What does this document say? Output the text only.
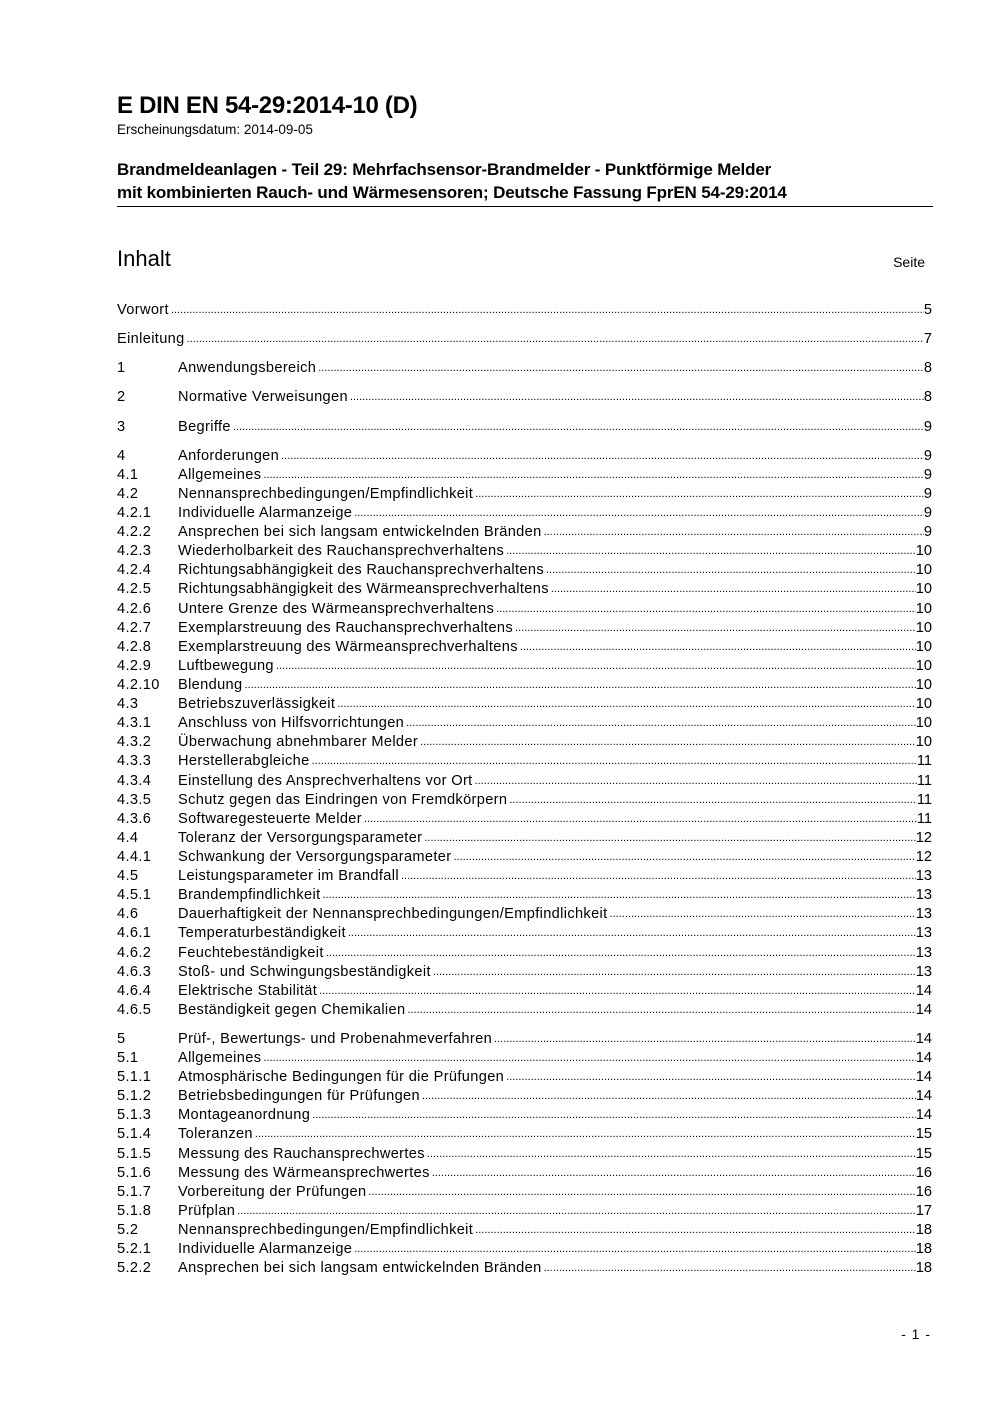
E DIN EN 54-29:2014-10 (D)
Erscheinungsdatum: 2014-09-05
Brandmeldeanlagen - Teil 29: Mehrfachsensor-Brandmelder - Punktförmige Melder
mit kombinierten Rauch- und Wärmesensoren; Deutsche Fassung FprEN 54-29:2014
Inhalt	Seite
Vorwort .....	5
Einleitung .....	7
1	Anwendungsbereich .....	8
2	Normative Verweisungen .....	8
3	Begriffe .....	9
4	Anforderungen .....	9
4.1	Allgemeines .....	9
4.2	Nennansprechbedingungen/Empfindlichkeit .....	9
4.2.1	Individuelle Alarmanzeige .....	9
4.2.2	Ansprechen bei sich langsam entwickelnden Bränden .....	9
4.2.3	Wiederholbarkeit des Rauchansprechverhaltens .....	10
4.2.4	Richtungsabhängigkeit des Rauchansprechverhaltens .....	10
4.2.5	Richtungsabhängigkeit des Wärmeansprechverhaltens .....	10
4.2.6	Untere Grenze des Wärmeansprechverhaltens .....	10
4.2.7	Exemplarstreuung des Rauchansprechverhaltens .....	10
4.2.8	Exemplarstreuung des Wärmeansprechverhaltens .....	10
4.2.9	Luftbewegung .....	10
4.2.10	Blendung .....	10
4.3	Betriebszuverlässigkeit .....	10
4.3.1	Anschluss von Hilfsvorrichtungen .....	10
4.3.2	Überwachung abnehmbarer Melder .....	10
4.3.3	Herstellerabgleiche .....	11
4.3.4	Einstellung des Ansprechverhaltens vor Ort .....	11
4.3.5	Schutz gegen das Eindringen von Fremdkörpern .....	11
4.3.6	Softwaregesteuerte Melder .....	11
4.4	Toleranz der Versorgungsparameter .....	12
4.4.1	Schwankung der Versorgungsparameter .....	12
4.5	Leistungsparameter im Brandfall .....	13
4.5.1	Brandempfindlichkeit .....	13
4.6	Dauerhaftigkeit der Nennansprechbedingungen/Empfindlichkeit .....	13
4.6.1	Temperaturbeständigkeit .....	13
4.6.2	Feuchtebeständigkeit .....	13
4.6.3	Stoß- und Schwingungsbeständigkeit .....	13
4.6.4	Elektrische Stabilität .....	14
4.6.5	Beständigkeit gegen Chemikalien .....	14
5	Prüf-, Bewertungs- und Probenahmeverfahren .....	14
5.1	Allgemeines .....	14
5.1.1	Atmosphärische Bedingungen für die Prüfungen .....	14
5.1.2	Betriebsbedingungen für Prüfungen .....	14
5.1.3	Montageanordnung .....	14
5.1.4	Toleranzen .....	15
5.1.5	Messung des Rauchansprechwertes .....	15
5.1.6	Messung des Wärmeansprechwertes .....	16
5.1.7	Vorbereitung der Prüfungen .....	16
5.1.8	Prüfplan .....	17
5.2	Nennansprechbedingungen/Empfindlichkeit .....	18
5.2.1	Individuelle Alarmanzeige .....	18
5.2.2	Ansprechen bei sich langsam entwickelnden Bränden .....	18
- 1 -
